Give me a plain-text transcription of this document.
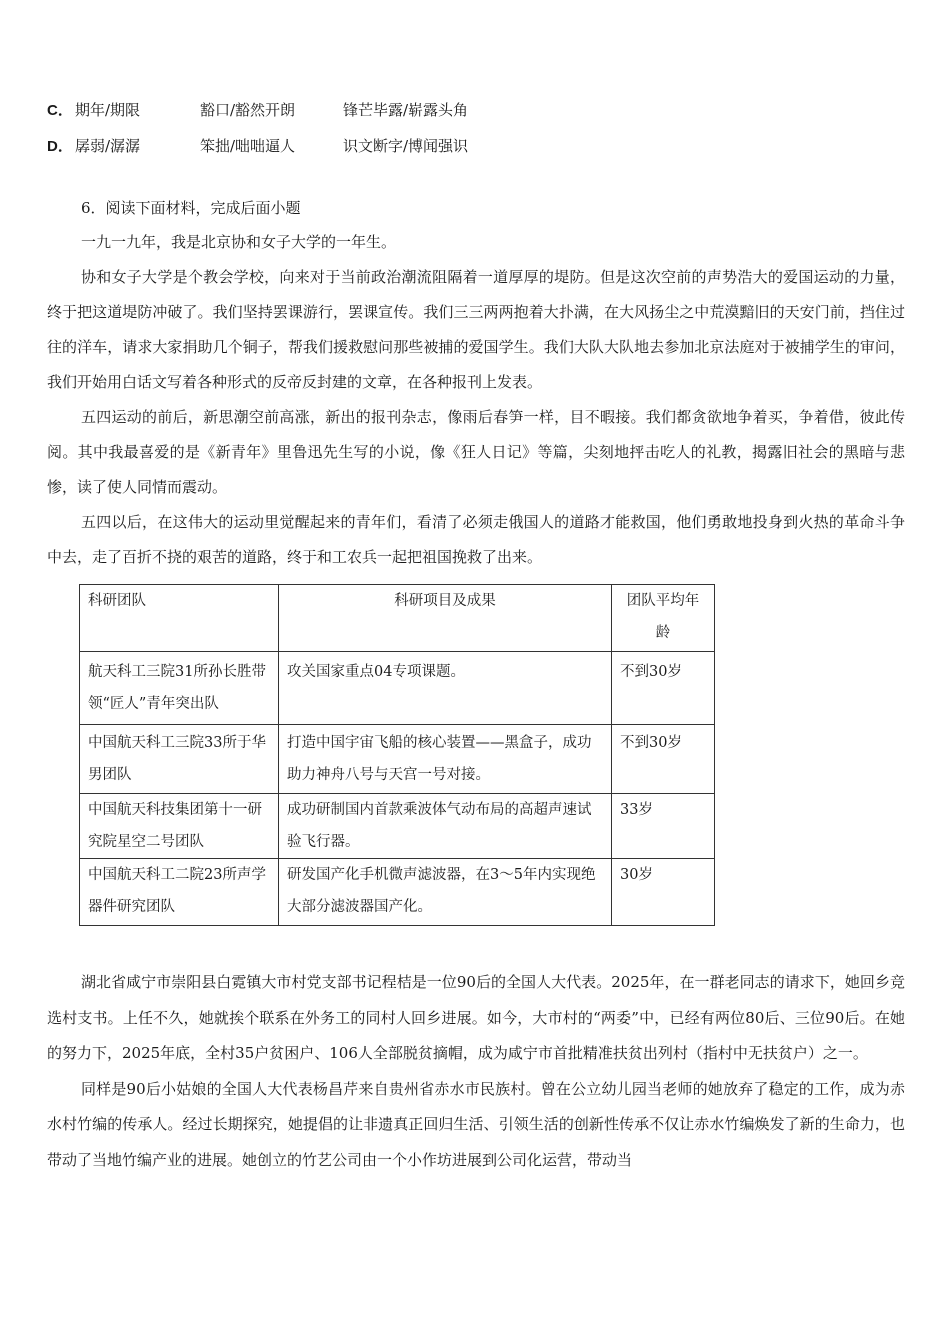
C． 期年/期限	豁口/豁然开朗	锋芒毕露/崭露头角
D． 孱弱/潺潺	笨拙/咄咄逼人	识文断字/博闻强识
6．阅读下面材料，完成后面小题

一九一九年，我是北京协和女子大学的一年生。

协和女子大学是个教会学校，向来对于当前政治潮流阻隔着一道厚厚的堤防。但是这次空前的声势浩大的爱国运动的力量，终于把这道堤防冲破了。我们坚持罢课游行，罢课宣传。我们三三两两抱着大扑满，在大风扬尘之中荒漠黯旧的天安门前，挡住过往的洋车，请求大家捐助几个铜子，帮我们援救慰问那些被捕的爱国学生。我们大队大队地去参加北京法庭对于被捕学生的审问，我们开始用白话文写着各种形式的反帝反封建的文章，在各种报刊上发表。

五四运动的前后，新思潮空前高涨，新出的报刊杂志，像雨后春笋一样，目不暇接。我们都贪欲地争着买，争着借，彼此传阅。其中我最喜爱的是《新青年》里鲁迅先生写的小说，像《狂人日记》等篇，尖刻地抨击吃人的礼教，揭露旧社会的黑暗与悲惨，读了使人同情而震动。

五四以后，在这伟大的运动里觉醒起来的青年们，看清了必须走俄国人的道路才能救国，他们勇敢地投身到火热的革命斗争中去，走了百折不挠的艰苦的道路，终于和工农兵一起把祖国挽救了出来。

科研团队	科研项目及成果	团队平均年龄
航天科工三院31所孙长胜带领“匠人”青年突出队	攻关国家重点04专项课题。	不到30岁
中国航天科工三院33所于华男团队	打造中国宇宙飞船的核心装置——黑盒子，成功助力神舟八号与天宫一号对接。	不到30岁
中国航天科技集团第十一研究院星空二号团队	成功研制国内首款乘波体气动布局的高超声速试验飞行器。	33岁
中国航天科工二院23所声学器件研究团队	研发国产化手机微声滤波器，在3～5年内实现绝大部分滤波器国产化。	30岁

湖北省咸宁市崇阳县白霓镇大市村党支部书记程桔是一位90后的全国人大代表。2025年，在一群老同志的请求下，她回乡竞选村支书。上任不久，她就挨个联系在外务工的同村人回乡进展。如今，大市村的“两委”中，已经有两位80后、三位90后。在她的努力下，2025年底，全村35户贫困户、106人全部脱贫摘帽，成为咸宁市首批精准扶贫出列村（指村中无扶贫户）之一。

同样是90后小姑娘的全国人大代表杨昌芹来自贵州省赤水市民族村。曾在公立幼儿园当老师的她放弃了稳定的工作，成为赤水村竹编的传承人。经过长期探究，她提倡的让非遗真正回归生活、引领生活的创新性传承不仅让赤水竹编焕发了新的生命力，也带动了当地竹编产业的进展。她创立的竹艺公司由一个小作坊进展到公司化运营，带动当
